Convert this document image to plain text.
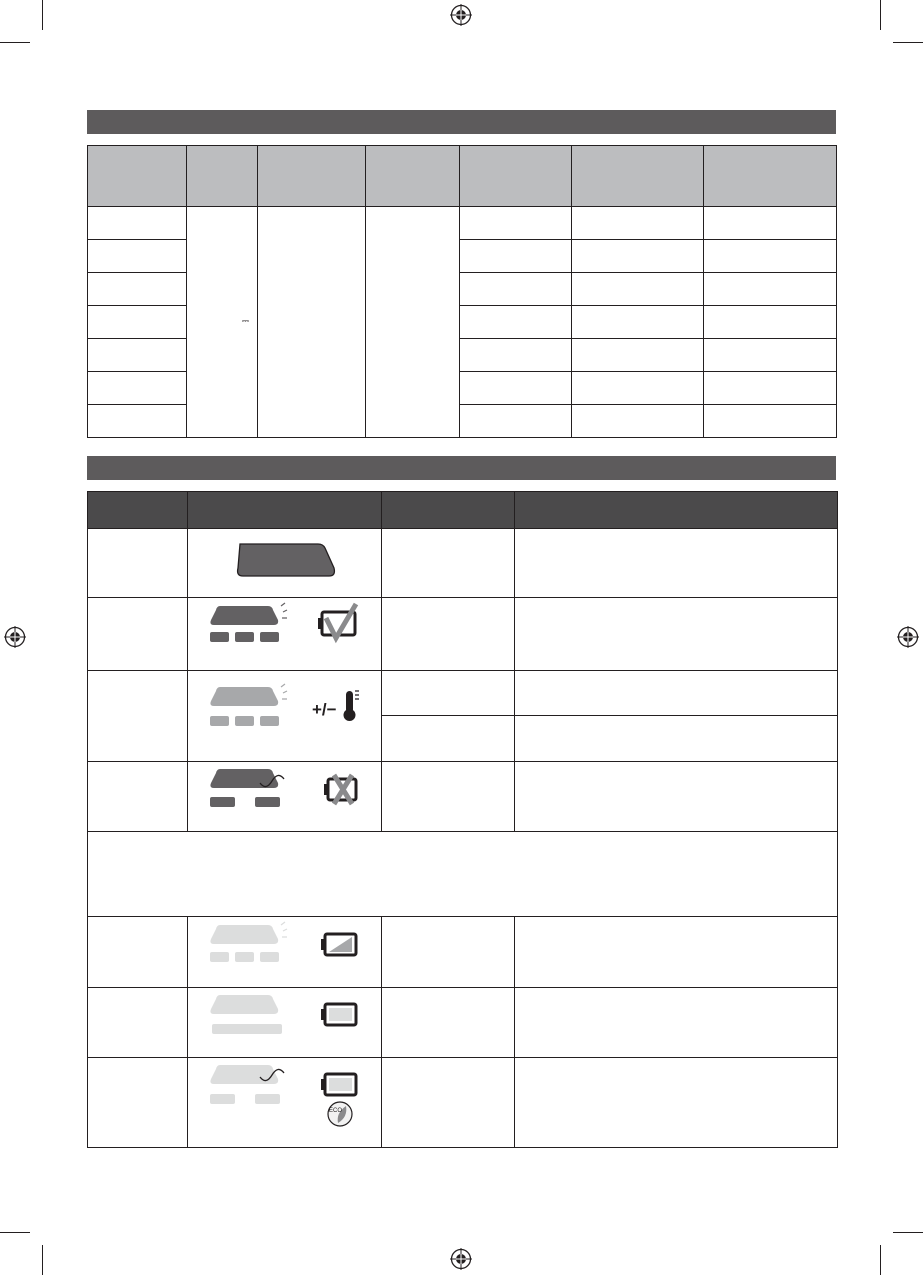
	⎓					

+/−		

ECO		
